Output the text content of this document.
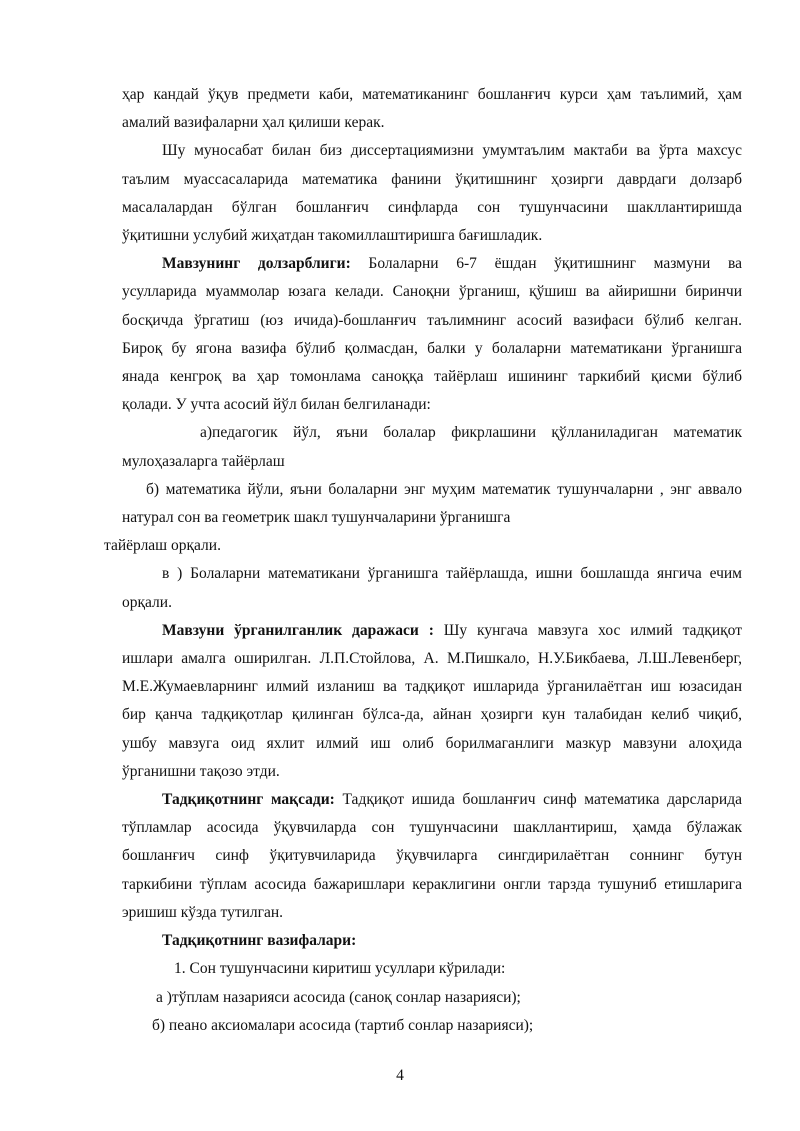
ҳар кандай ўқув предмети каби, математиканинг бошланғич курси ҳам таълимий, ҳам

амалий вазифаларни ҳал қилиши керак.

Шу муносабат билан биз диссертациямизни умумтаълим мактаби ва ўрта махсус

таълим муассасаларида математика фанини ўқитишнинг ҳозирги даврдаги долзарб

масалалардан бўлган бошланғич синфларда сон тушунчасини шакллантиришда

ўқитишни услубий жиҳатдан такомиллаштиришга бағишладик.

Мавзунинг долзарблиги: Болаларни 6-7 ёшдан ўқитишнинг мазмуни ва

усулларида муаммолар юзага келади. Саноқни ўрганиш, қўшиш ва айиришни биринчи

босқичда ўргатиш (юз ичида)-бошланғич таълимнинг асосий вазифаси бўлиб келган.

Бироқ бу ягона вазифа бўлиб қолмасдан, балки у болаларни математикани ўрганишга

янада кенгроқ ва ҳар томонлама саноққа тайёрлаш ишининг таркибий қисми бўлиб

қолади. У учта асосий йўл билан белгиланади:

а)педагогик йўл, яъни болалар фикрлашини қўлланиладиган математик

мулоҳазаларга тайёрлаш

б) математика йўли, яъни болаларни энг муҳим математик тушунчаларни , энг аввало

натурал сон ва геометрик шакл тушунчаларини ўрганишга

тайёрлаш орқали.

в ) Болаларни математикани ўрганишга тайёрлашда, ишни бошлашда янгича ечим

орқали.

Мавзуни ўрганилганлик даражаси : Шу кунгача мавзуга хос илмий тадқиқот

ишлари амалга оширилган. Л.П.Стойлова, А. М.Пишкало, Н.У.Бикбаева, Л.Ш.Левенберг,

М.Е.Жумаевларнинг илмий изланиш ва тадқиқот ишларида ўрганилаётган иш юзасидан

бир қанча тадқиқотлар қилинган бўлса-да, айнан ҳозирги кун талабидан келиб чиқиб,

ушбу мавзуга оид яхлит илмий иш олиб борилмаганлиги мазкур мавзуни алоҳида

ўрганишни тақозо этди.

Тадқиқотнинг мақсади: Тадқиқот ишида бошланғич синф математика дарсларида

тўпламлар асосида ўқувчиларда сон тушунчасини шакллантириш, ҳамда бўлажак

бошланғич синф ўқитувчиларида ўқувчиларга сингдирилаётган соннинг бутун

таркибини тўплам асосида бажаришлари кераклигини онгли тарзда тушуниб етишларига

эришиш кўзда тутилган.

Тадқиқотнинг вазифалари:

1. Сон тушунчасини киритиш усуллари кўрилади:

а )тўплам назарияси асосида (саноқ сонлар назарияси);

б) пеано аксиомалари асосида (тартиб сонлар назарияси);

4
